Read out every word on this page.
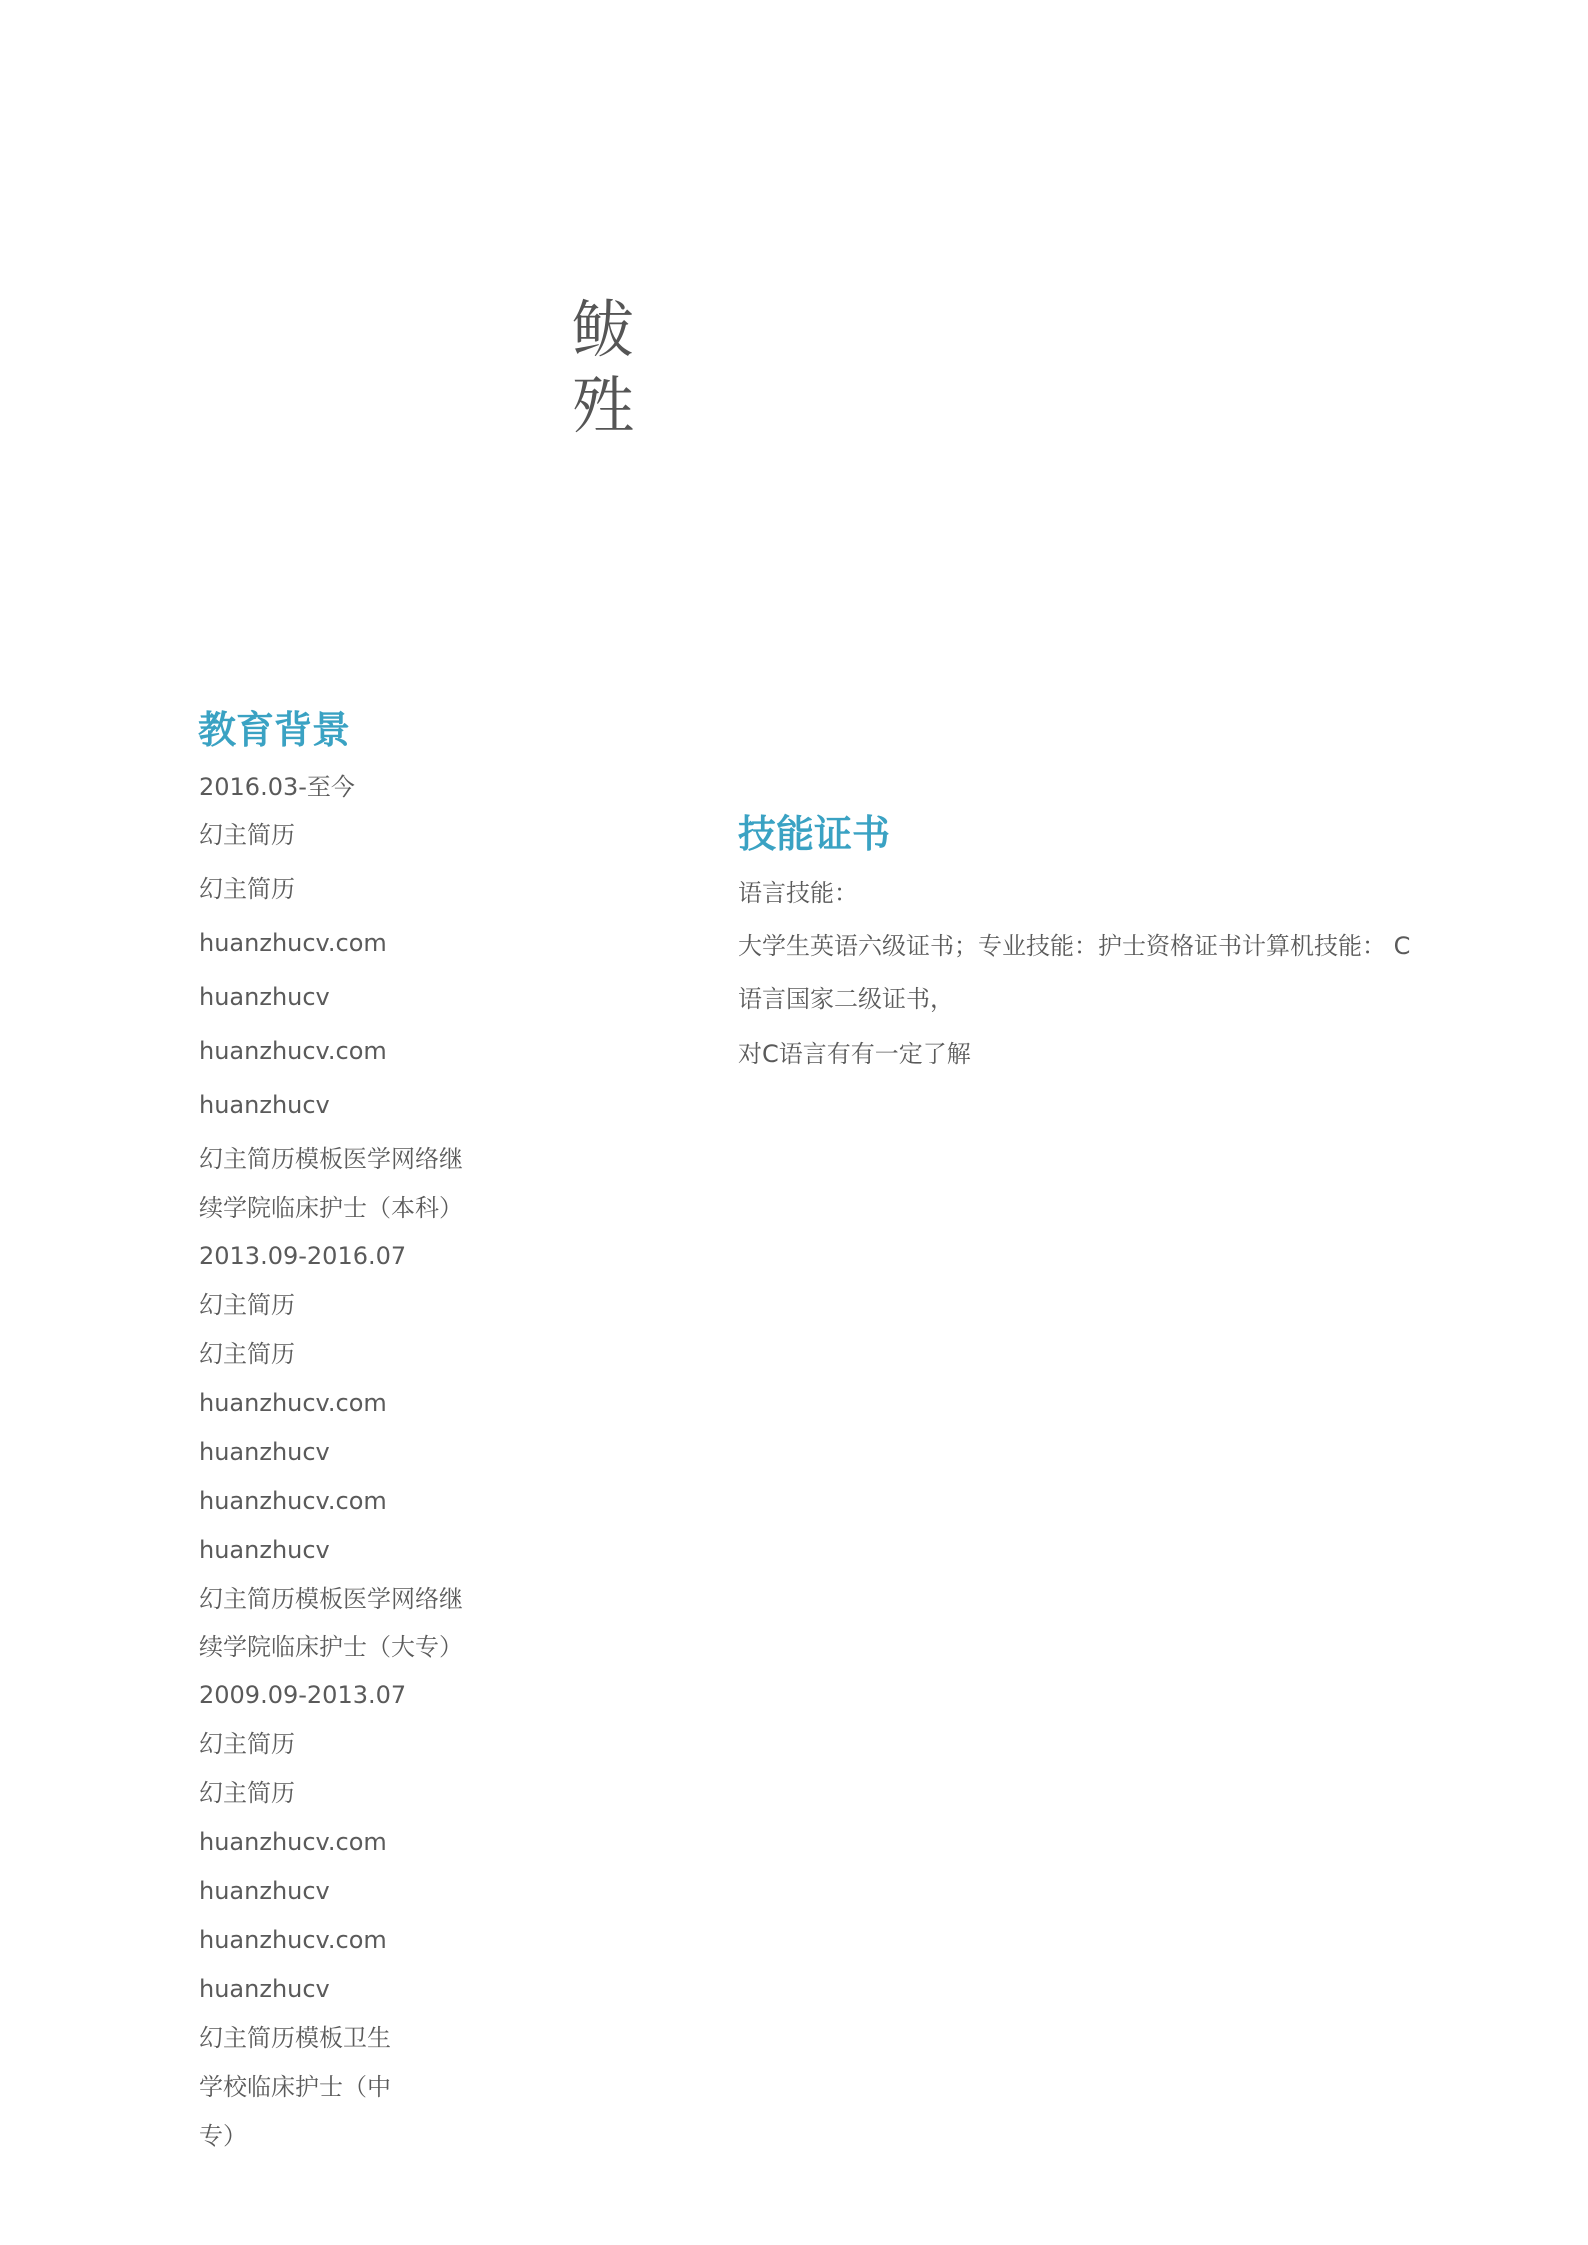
鲅
殅
教育背景
2016.03-至今
幻主简历
幻主简历
huanzhucv.com
huanzhucv
huanzhucv.com
huanzhucv
幻主简历模板医学网络继
续学院临床护士（本科）
2013.09-2016.07
幻主简历
幻主简历
huanzhucv.com
huanzhucv
huanzhucv.com
huanzhucv
幻主简历模板医学网络继
续学院临床护士（大专）
2009.09-2013.07
幻主简历
幻主简历
huanzhucv.com
huanzhucv
huanzhucv.com
huanzhucv
幻主简历模板卫生
学校临床护士（中
专）
技能证书
语言技能：
大学生英语六级证书；专业技能：护士资格证书计算机技能： C
语言国家二级证书，
对C语言有有一定了解
